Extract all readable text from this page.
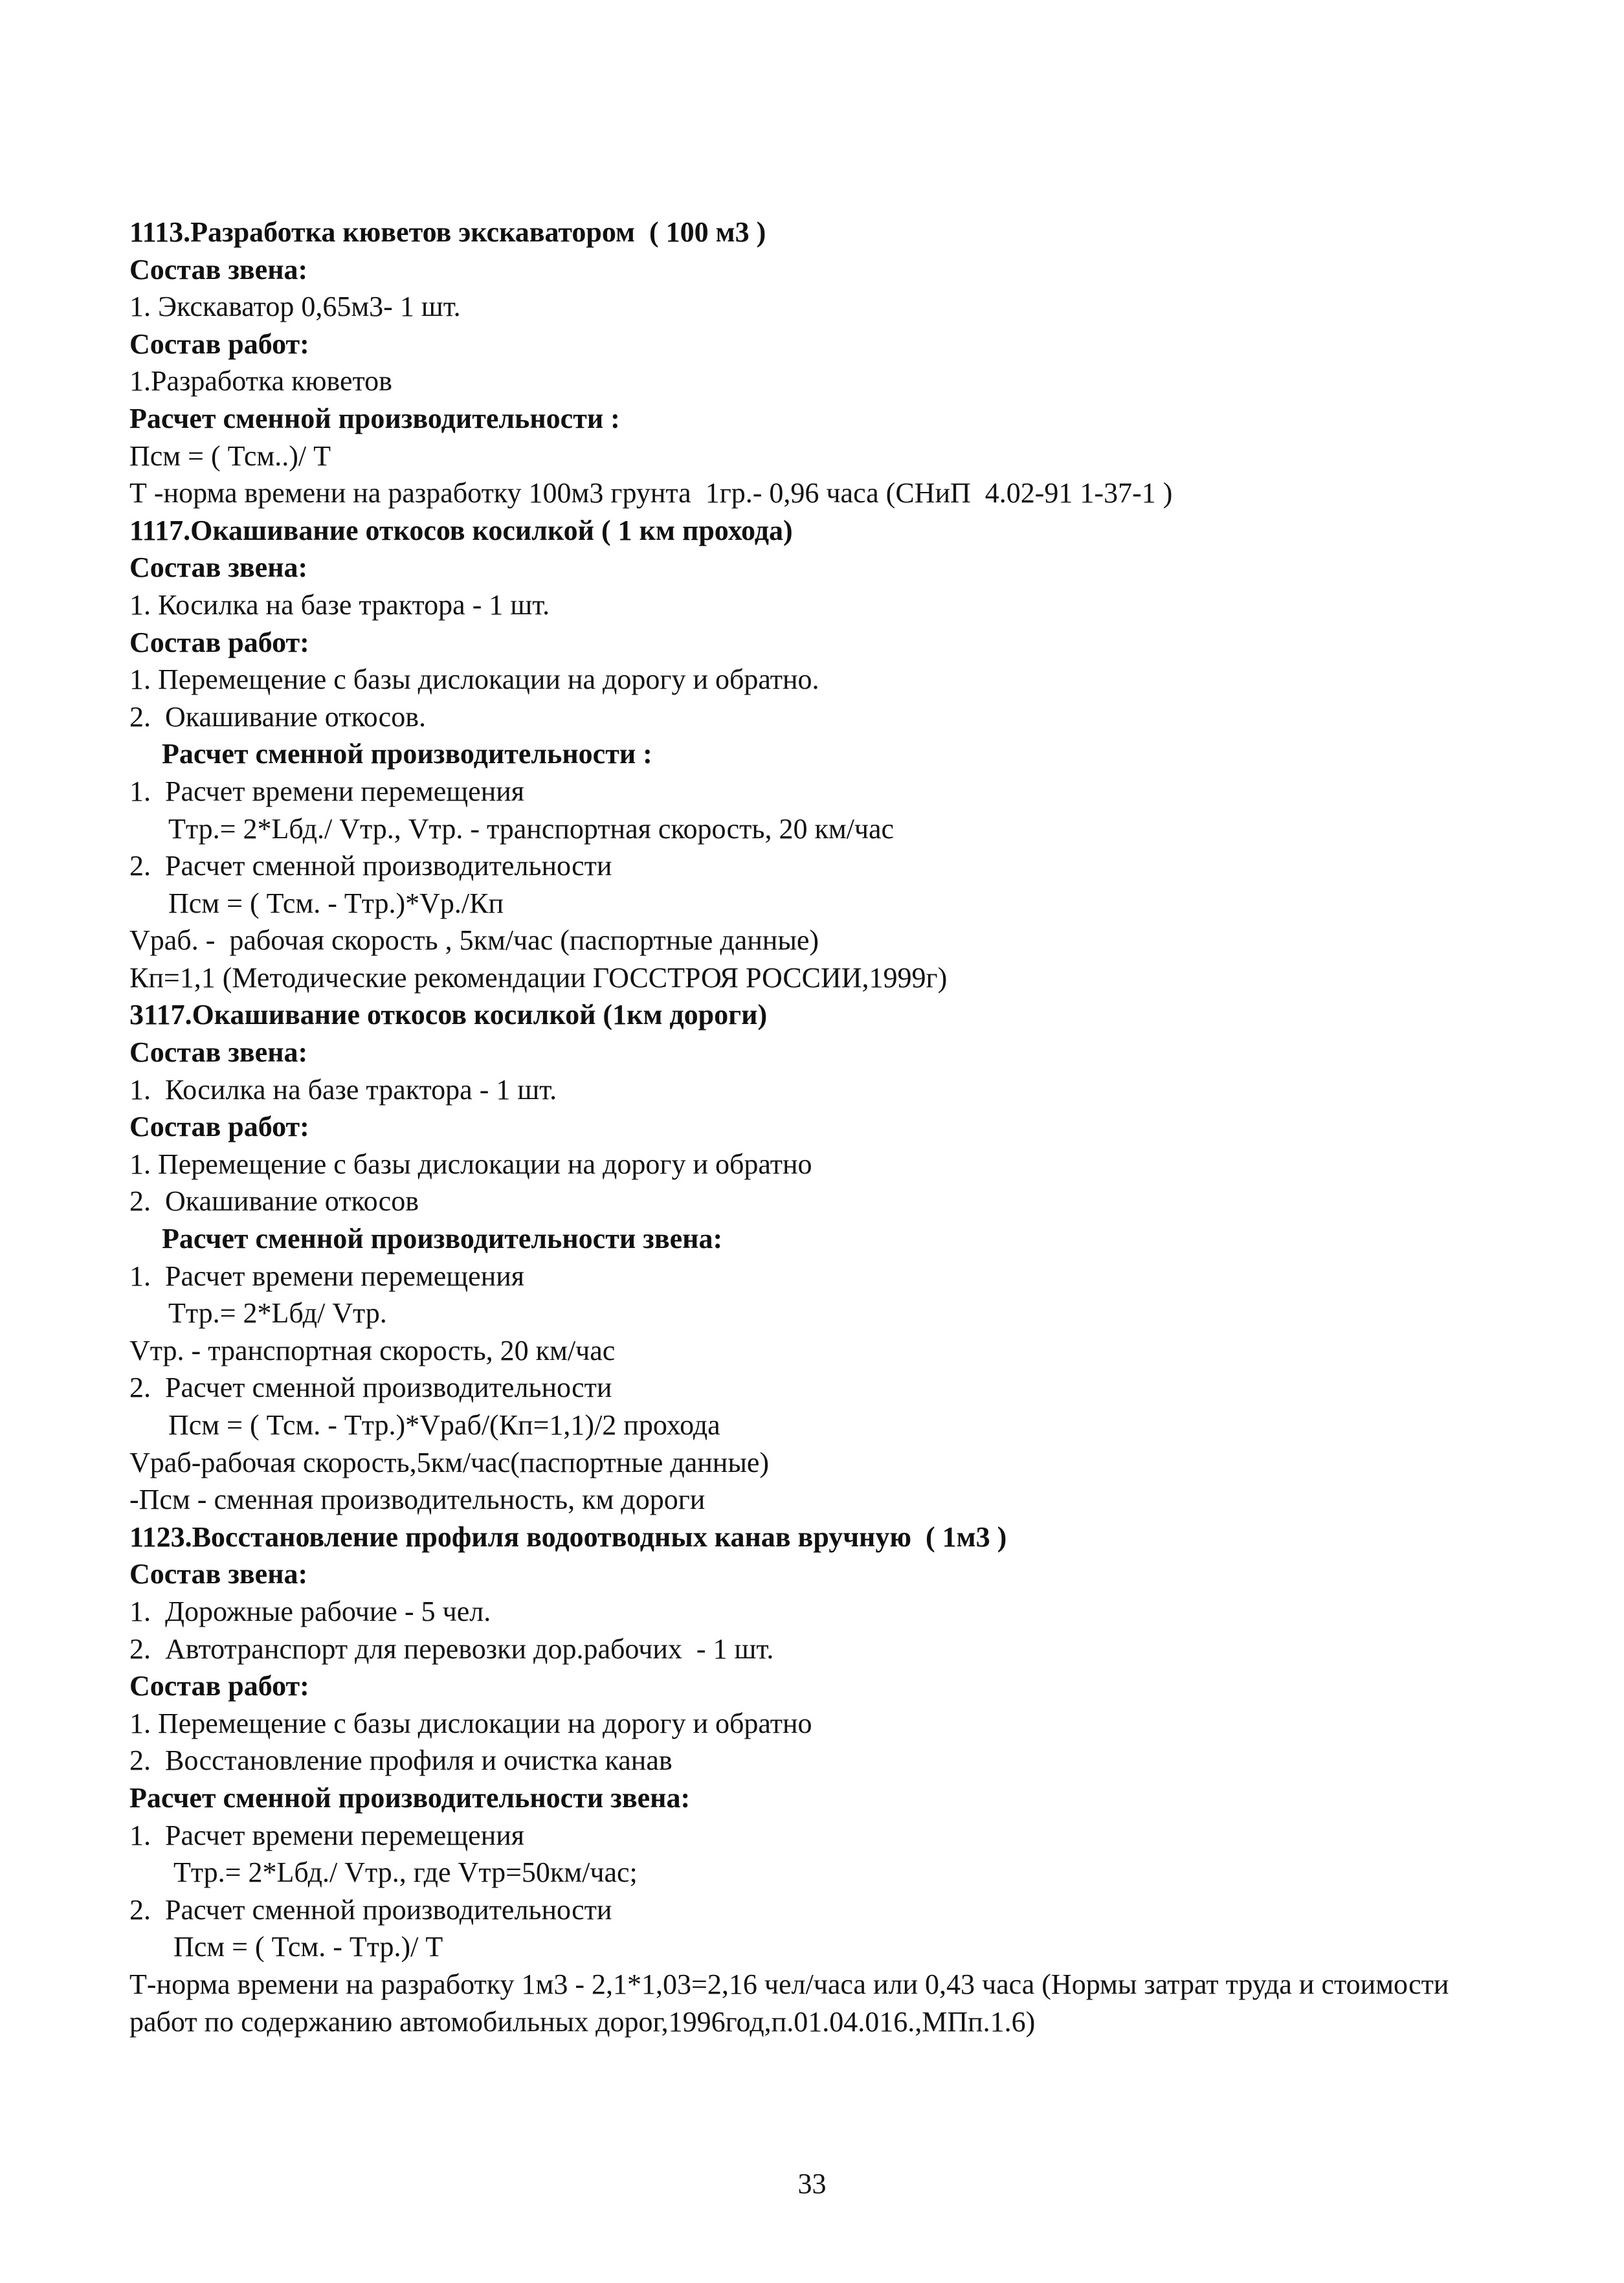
1113.Разработка кюветов экскаватором  ( 100 м3 )
Состав звена:
1. Экскаватор 0,65м3- 1 шт.
Состав работ:
1.Разработка кюветов
Расчет сменной производительности :
Псм = ( Тсм..)/ Т
Т -норма времени на разработку 100м3 грунта  1гр.- 0,96 часа (СНиП  4.02-91 1-37-1 )
1117.Окашивание откосов косилкой ( 1 км прохода)
Состав звена:
1. Косилка на базе трактора - 1 шт.
Состав работ:
1. Перемещение с базы дислокации на дорогу и обратно.
2.  Окашивание откосов.
Расчет сменной производительности :
1.  Расчет времени перемещения
Ттр.= 2*Lбд./ Vтр., Vтр. - транспортная скорость, 20 км/час
2.  Расчет сменной производительности
Псм = ( Тсм. - Ттр.)*Vр./Кп
Vраб. -  рабочая скорость , 5км/час (паспортные данные)
Кп=1,1 (Методические рекомендации ГОССТРОЯ РОССИИ,1999г)
3117.Окашивание откосов косилкой (1км дороги)
Состав звена:
1.  Косилка на базе трактора - 1 шт.
Состав работ:
1. Перемещение с базы дислокации на дорогу и обратно
2.  Окашивание откосов
Расчет сменной производительности звена:
1.  Расчет времени перемещения
Ттр.= 2*Lбд/ Vтр.
Vтр. - транспортная скорость, 20 км/час
2.  Расчет сменной производительности
Псм = ( Тсм. - Ттр.)*Vраб/(Кп=1,1)/2 прохода
Vраб-рабочая скорость,5км/час(паспортные данные)
-Псм - сменная производительность, км дороги
1123.Восстановление профиля водоотводных канав вручную  ( 1м3 )
Состав звена:
1.  Дорожные рабочие - 5 чел.
2.  Автотранспорт для перевозки дор.рабочих  - 1 шт.
Состав работ:
1. Перемещение с базы дислокации на дорогу и обратно
2.  Восстановление профиля и очистка канав
Расчет сменной производительности звена:
1.  Расчет времени перемещения
Ттр.= 2*Lбд./ Vтр., где Vтр=50км/час;
2.  Расчет сменной производительности
Псм = ( Тсм. - Ттр.)/ Т
Т-норма времени на разработку 1м3 - 2,1*1,03=2,16 чел/часа или 0,43 часа (Нормы затрат труда и стоимости работ по содержанию автомобильных дорог,1996год,п.01.04.016.,МПп.1.6)
33
